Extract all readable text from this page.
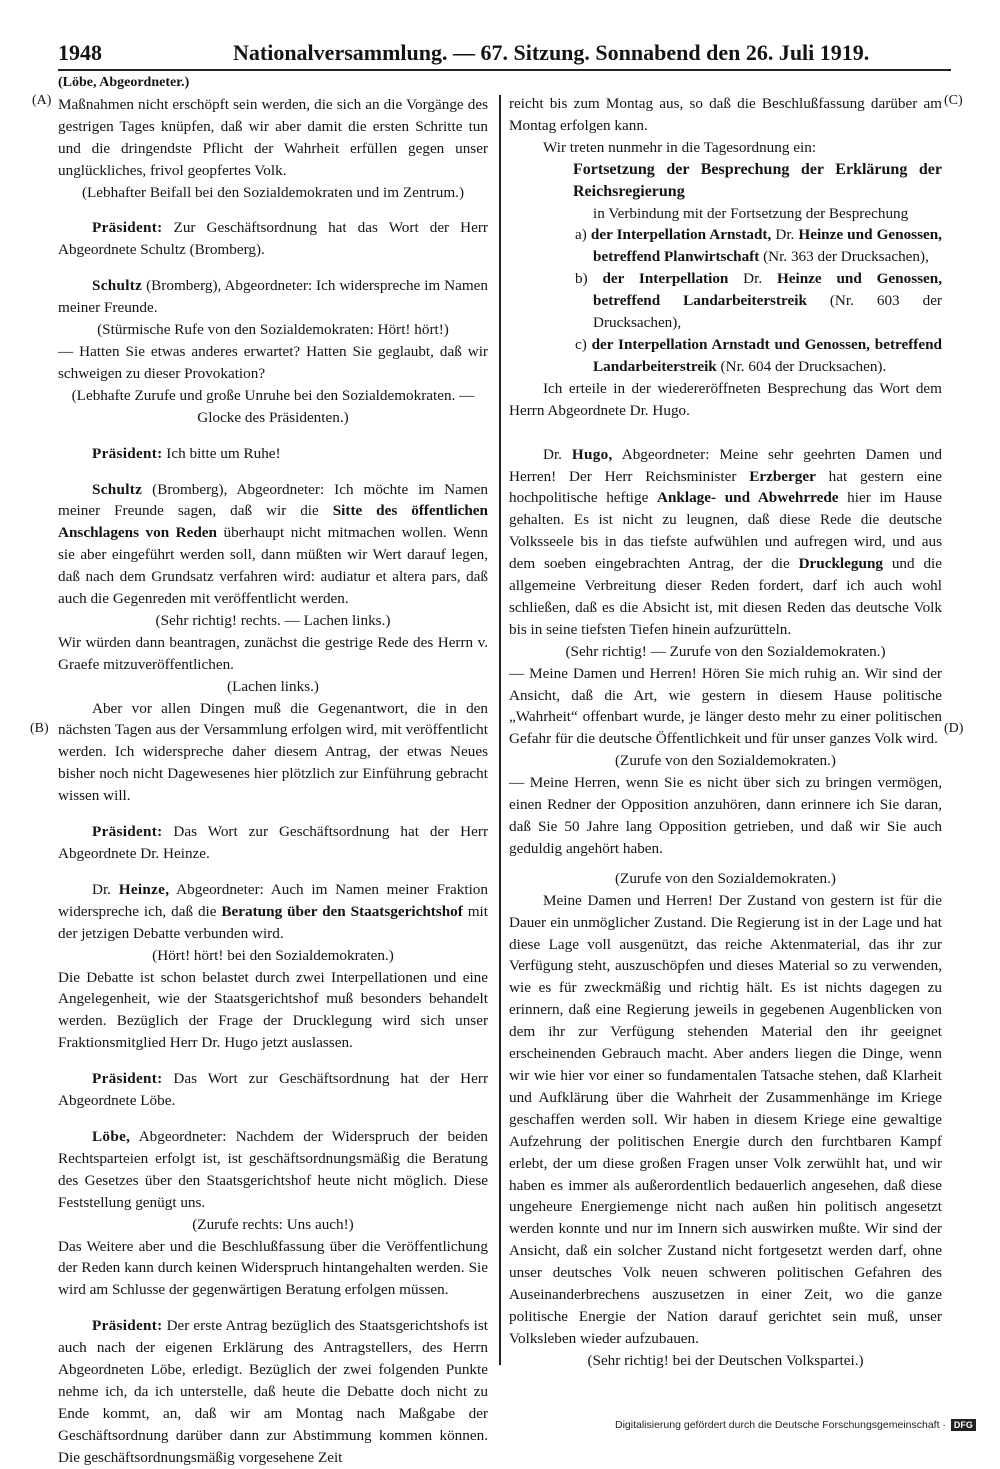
1948	Nationalversammlung. — 67. Sitzung. Sonnabend den 26. Juli 1919.
(A)
(B)
(C)
(D)

(Löbe, Abgeordneter.)

Maßnahmen nicht erschöpft sein werden, die sich an die Vorgänge des gestrigen Tages knüpfen, daß wir aber damit die ersten Schritte tun und die dringendste Pflicht der Wahrheit erfüllen gegen unser unglückliches, frivol geopfertes Volk.

(Lebhafter Beifall bei den Sozialdemokraten und im Zentrum.)

Präsident: Zur Geschäftsordnung hat das Wort der Herr Abgeordnete Schultz (Bromberg).

Schultz (Bromberg), Abgeordneter: Ich widerspreche im Namen meiner Freunde.

(Stürmische Rufe von den Sozialdemokraten: Hört! hört!)

— Hatten Sie etwas anderes erwartet? Hatten Sie geglaubt, daß wir schweigen zu dieser Provokation?

(Lebhafte Zurufe und große Unruhe bei den Sozialdemokraten. — Glocke des Präsidenten.)

Präsident: Ich bitte um Ruhe!

Schultz (Bromberg), Abgeordneter: Ich möchte im Namen meiner Freunde sagen, daß wir die Sitte des öffentlichen Anschlagens von Reden überhaupt nicht mitmachen wollen. Wenn sie aber eingeführt werden soll, dann müßten wir Wert darauf legen, daß nach dem Grundsatz verfahren wird: audiatur et altera pars, daß auch die Gegenreden mit veröffentlicht werden.

(Sehr richtig! rechts. — Lachen links.)

Wir würden dann beantragen, zunächst die gestrige Rede des Herrn v. Graefe mitzuveröffentlichen.

(Lachen links.)

Aber vor allen Dingen muß die Gegenantwort, die in den nächsten Tagen aus der Versammlung erfolgen wird, mit veröffentlicht werden. Ich widerspreche daher diesem Antrag, der etwas Neues bisher noch nicht Dagewesenes hier plötzlich zur Einführung gebracht wissen will.

Präsident: Das Wort zur Geschäftsordnung hat der Herr Abgeordnete Dr. Heinze.

Dr. Heinze, Abgeordneter: Auch im Namen meiner Fraktion widerspreche ich, daß die Beratung über den Staatsgerichtshof mit der jetzigen Debatte verbunden wird.

(Hört! hört! bei den Sozialdemokraten.)

Die Debatte ist schon belastet durch zwei Interpellationen und eine Angelegenheit, wie der Staatsgerichtshof muß besonders behandelt werden. Bezüglich der Frage der Drucklegung wird sich unser Fraktionsmitglied Herr Dr. Hugo jetzt auslassen.

Präsident: Das Wort zur Geschäftsordnung hat der Herr Abgeordnete Löbe.

Löbe, Abgeordneter: Nachdem der Widerspruch der beiden Rechtsparteien erfolgt ist, ist geschäftsordnungsmäßig die Beratung des Gesetzes über den Staatsgerichtshof heute nicht möglich. Diese Feststellung genügt uns.

(Zurufe rechts: Uns auch!)

Das Weitere aber und die Beschlußfassung über die Veröffentlichung der Reden kann durch keinen Widerspruch hintangehalten werden. Sie wird am Schlusse der gegenwärtigen Beratung erfolgen müssen.

Präsident: Der erste Antrag bezüglich des Staatsgerichtshofs ist auch nach der eigenen Erklärung des Antragstellers, des Herrn Abgeordneten Löbe, erledigt. Bezüglich der zwei folgenden Punkte nehme ich, da ich unterstelle, daß heute die Debatte doch nicht zu Ende kommt, an, daß wir am Montag nach Maßgabe der Geschäftsordnung darüber dann zur Abstimmung kommen können. Die geschäftsordnungsmäßig vorgesehene Zeit

reicht bis zum Montag aus, so daß die Beschlußfassung darüber am Montag erfolgen kann.

Wir treten nunmehr in die Tagesordnung ein:

Fortsetzung der Besprechung der Erklärung der Reichsregierung

in Verbindung mit der Fortsetzung der Besprechung

a) der Interpellation Arnstadt, Dr. Heinze und Genossen, betreffend Planwirtschaft (Nr. 363 der Drucksachen),

b) der Interpellation Dr. Heinze und Genossen, betreffend Landarbeiterstreik (Nr. 603 der Drucksachen),

c) der Interpellation Arnstadt und Genossen, betreffend Landarbeiterstreik (Nr. 604 der Drucksachen).

Ich erteile in der wiedereröffneten Besprechung das Wort dem Herrn Abgeordnete Dr. Hugo.

Dr. Hugo, Abgeordneter: Meine sehr geehrten Damen und Herren! Der Herr Reichsminister Erzberger hat gestern eine hochpolitische heftige Anklage- und Abwehrrede hier im Hause gehalten. Es ist nicht zu leugnen, daß diese Rede die deutsche Volksseele bis in das tiefste aufwühlen und aufregen wird, und aus dem soeben eingebrachten Antrag, der die Drucklegung und die allgemeine Verbreitung dieser Reden fordert, darf ich auch wohl schließen, daß es die Absicht ist, mit diesen Reden das deutsche Volk bis in seine tiefsten Tiefen hinein aufzurütteln.

(Sehr richtig! — Zurufe von den Sozialdemokraten.)

— Meine Damen und Herren! Hören Sie mich ruhig an. Wir sind der Ansicht, daß die Art, wie gestern in diesem Hause politische „Wahrheit“ offenbart wurde, je länger desto mehr zu einer politischen Gefahr für die deutsche Öffentlichkeit und für unser ganzes Volk wird.

(Zurufe von den Sozialdemokraten.)

— Meine Herren, wenn Sie es nicht über sich zu bringen vermögen, einen Redner der Opposition anzuhören, dann erinnere ich Sie daran, daß Sie 50 Jahre lang Opposition getrieben, und daß wir Sie auch geduldig angehört haben.

(Zurufe von den Sozialdemokraten.)

Meine Damen und Herren! Der Zustand von gestern ist für die Dauer ein unmöglicher Zustand. Die Regierung ist in der Lage und hat diese Lage voll ausgenützt, das reiche Aktenmaterial, das ihr zur Verfügung steht, auszuschöpfen und dieses Material so zu verwenden, wie es für zweckmäßig und richtig hält. Es ist nichts dagegen zu erinnern, daß eine Regierung jeweils in gegebenen Augenblicken von dem ihr zur Verfügung stehenden Material den ihr geeignet erscheinenden Gebrauch macht. Aber anders liegen die Dinge, wenn wir wie hier vor einer so fundamentalen Tatsache stehen, daß Klarheit und Aufklärung über die Wahrheit der Zusammenhänge im Kriege geschaffen werden soll. Wir haben in diesem Kriege eine gewaltige Aufzehrung der politischen Energie durch den furchtbaren Kampf erlebt, der um diese großen Fragen unser Volk zerwühlt hat, und wir haben es immer als außerordentlich bedauerlich angesehen, daß diese ungeheure Energiemenge nicht nach außen hin politisch angesetzt werden konnte und nur im Innern sich auswirken mußte. Wir sind der Ansicht, daß ein solcher Zustand nicht fortgesetzt werden darf, ohne unser deutsches Volk neuen schweren politischen Gefahren des Auseinanderbrechens auszusetzen in einer Zeit, wo die ganze politische Energie der Nation darauf gerichtet sein muß, unser Volksleben wieder aufzubauen.

(Sehr richtig! bei der Deutschen Volkspartei.)

Digitalisierung gefördert durch die Deutsche Forschungsgemeinschaft · DFG
